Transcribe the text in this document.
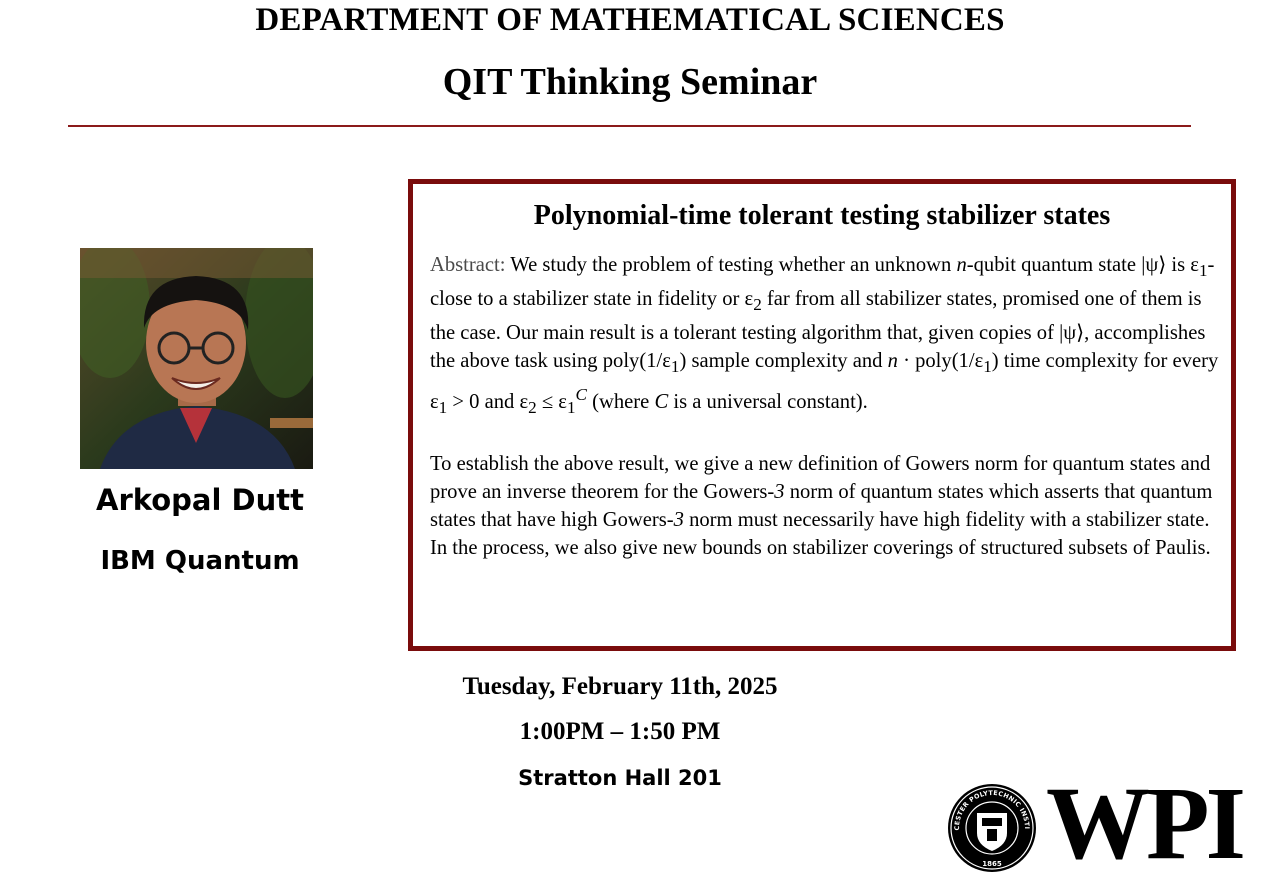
DEPARTMENT OF MATHEMATICAL SCIENCES
QIT Thinking Seminar
Arkopal Dutt
IBM Quantum
Polynomial-time tolerant testing stabilizer states

Abstract: We study the problem of testing whether an unknown n-qubit quantum state |ψ⟩ is $\varepsilon_1$-close to a stabilizer state in fidelity or $\varepsilon_2$ far from all stabilizer states, promised one of them is the case. Our main result is a tolerant testing algorithm that, given copies of |ψ⟩, accomplishes the above task using $poly(1/\varepsilon_1)$ sample complexity and $n \cdot poly(1/\varepsilon_1)$ time complexity for every $\varepsilon_1 > 0$ and $\varepsilon_2 \le \varepsilon_1^C$ (where C is a universal constant).

To establish the above result, we give a new definition of Gowers norm for quantum states and prove an inverse theorem for the Gowers-3 norm of quantum states which asserts that quantum states that have high Gowers-3 norm must necessarily have high fidelity with a stabilizer state. In the process, we also give new bounds on stabilizer coverings of structured subsets of Paulis.

Tuesday, February 11th, 2025
1:00PM – 1:50 PM
Stratton Hall 201
CESTER POLYTECHNIC INSTI
1865 WPI
